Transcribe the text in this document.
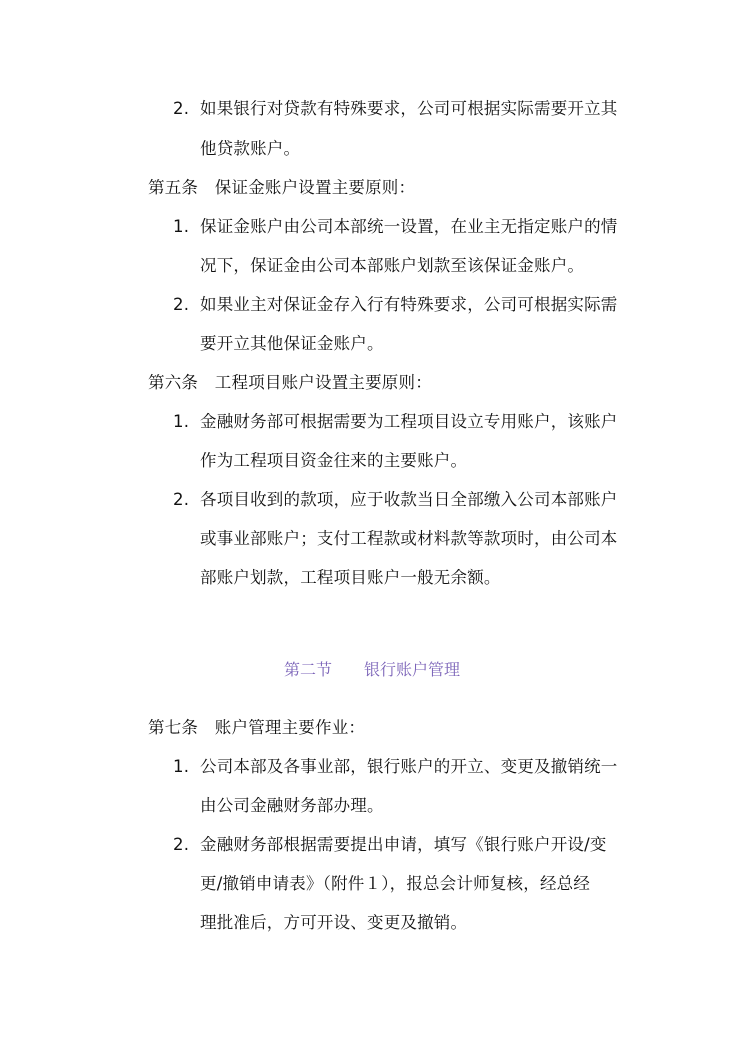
2. 如果银行对贷款有特殊要求，公司可根据实际需要开立其
他贷款账户。
第五条　保证金账户设置主要原则：
1. 保证金账户由公司本部统一设置，在业主无指定账户的情
况下，保证金由公司本部账户划款至该保证金账户。
2. 如果业主对保证金存入行有特殊要求，公司可根据实际需
要开立其他保证金账户。
第六条　工程项目账户设置主要原则：
1. 金融财务部可根据需要为工程项目设立专用账户，该账户
作为工程项目资金往来的主要账户。
2. 各项目收到的款项，应于收款当日全部缴入公司本部账户
或事业部账户；支付工程款或材料款等款项时，由公司本
部账户划款，工程项目账户一般无余额。
第二节　　银行账户管理
第七条　账户管理主要作业：
1. 公司本部及各事业部，银行账户的开立、变更及撤销统一
由公司金融财务部办理。
2. 金融财务部根据需要提出申请，填写《银行账户开设/变
更/撤销申请表》（附件１），报总会计师复核，经总经
理批准后，方可开设、变更及撤销。
